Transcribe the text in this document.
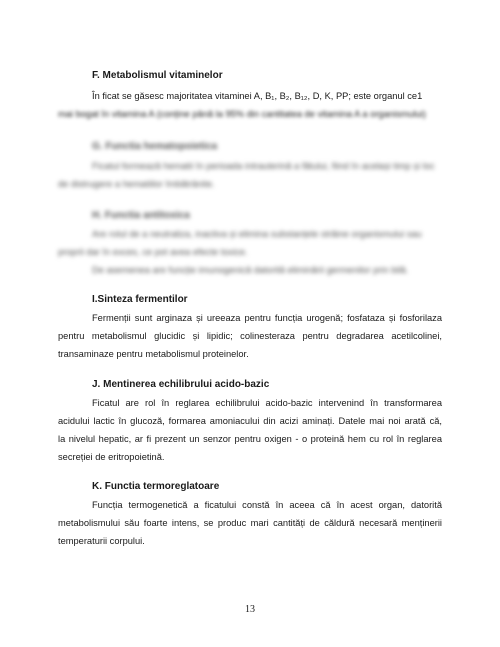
F. Metabolismul vitaminelor
În ficat se găsesc majoritatea vitaminei A, B₁, B₂, B₁₂, D, K, PP; este organul ce1
mai bogat în vitamina A (conține până la 95% din cantitatea de vitamina A a organismului)
G. Functia hematopoietica
Ficatul formează hematii în perioada intrauterină a fătului, fiind în același timp și loc
de distrugere a hematiilor îmbătrânite.
H. Functia antitoxica
Are rolul de a neutraliza, inactiva și elimina substanțele străine organismului sau
proprii dar în exces, ce pot avea efecte toxice.
De asemenea are funcție imunogenică datorită eliminării germenilor prin bilă.
I.Sinteza fermentilor
Fermenții sunt arginaza și ureeaza pentru funcția urogenă; fosfataza și fosforilaza
pentru metabolismul glucidic și lipidic; colinesteraza pentru degradarea acetilcolinei,
transaminaze pentru metabolismul proteinelor.
J. Mentinerea echilibrului acido-bazic
Ficatul are rol în reglarea echilibrului acido-bazic intervenind în transformarea
acidului lactic în glucoză, formarea amoniacului din acizi aminați. Datele mai noi arată că,
la nivelul hepatic, ar fi prezent un senzor pentru oxigen - o proteină hem cu rol în reglarea
secreției de eritropoietină.
K. Functia termoreglatoare
Funcția termogenetică a ficatului constă în aceea că în acest organ, datorită
metabolismului său foarte intens, se produc mari cantități de căldură necesară menținerii
temperaturii corpului.
13
